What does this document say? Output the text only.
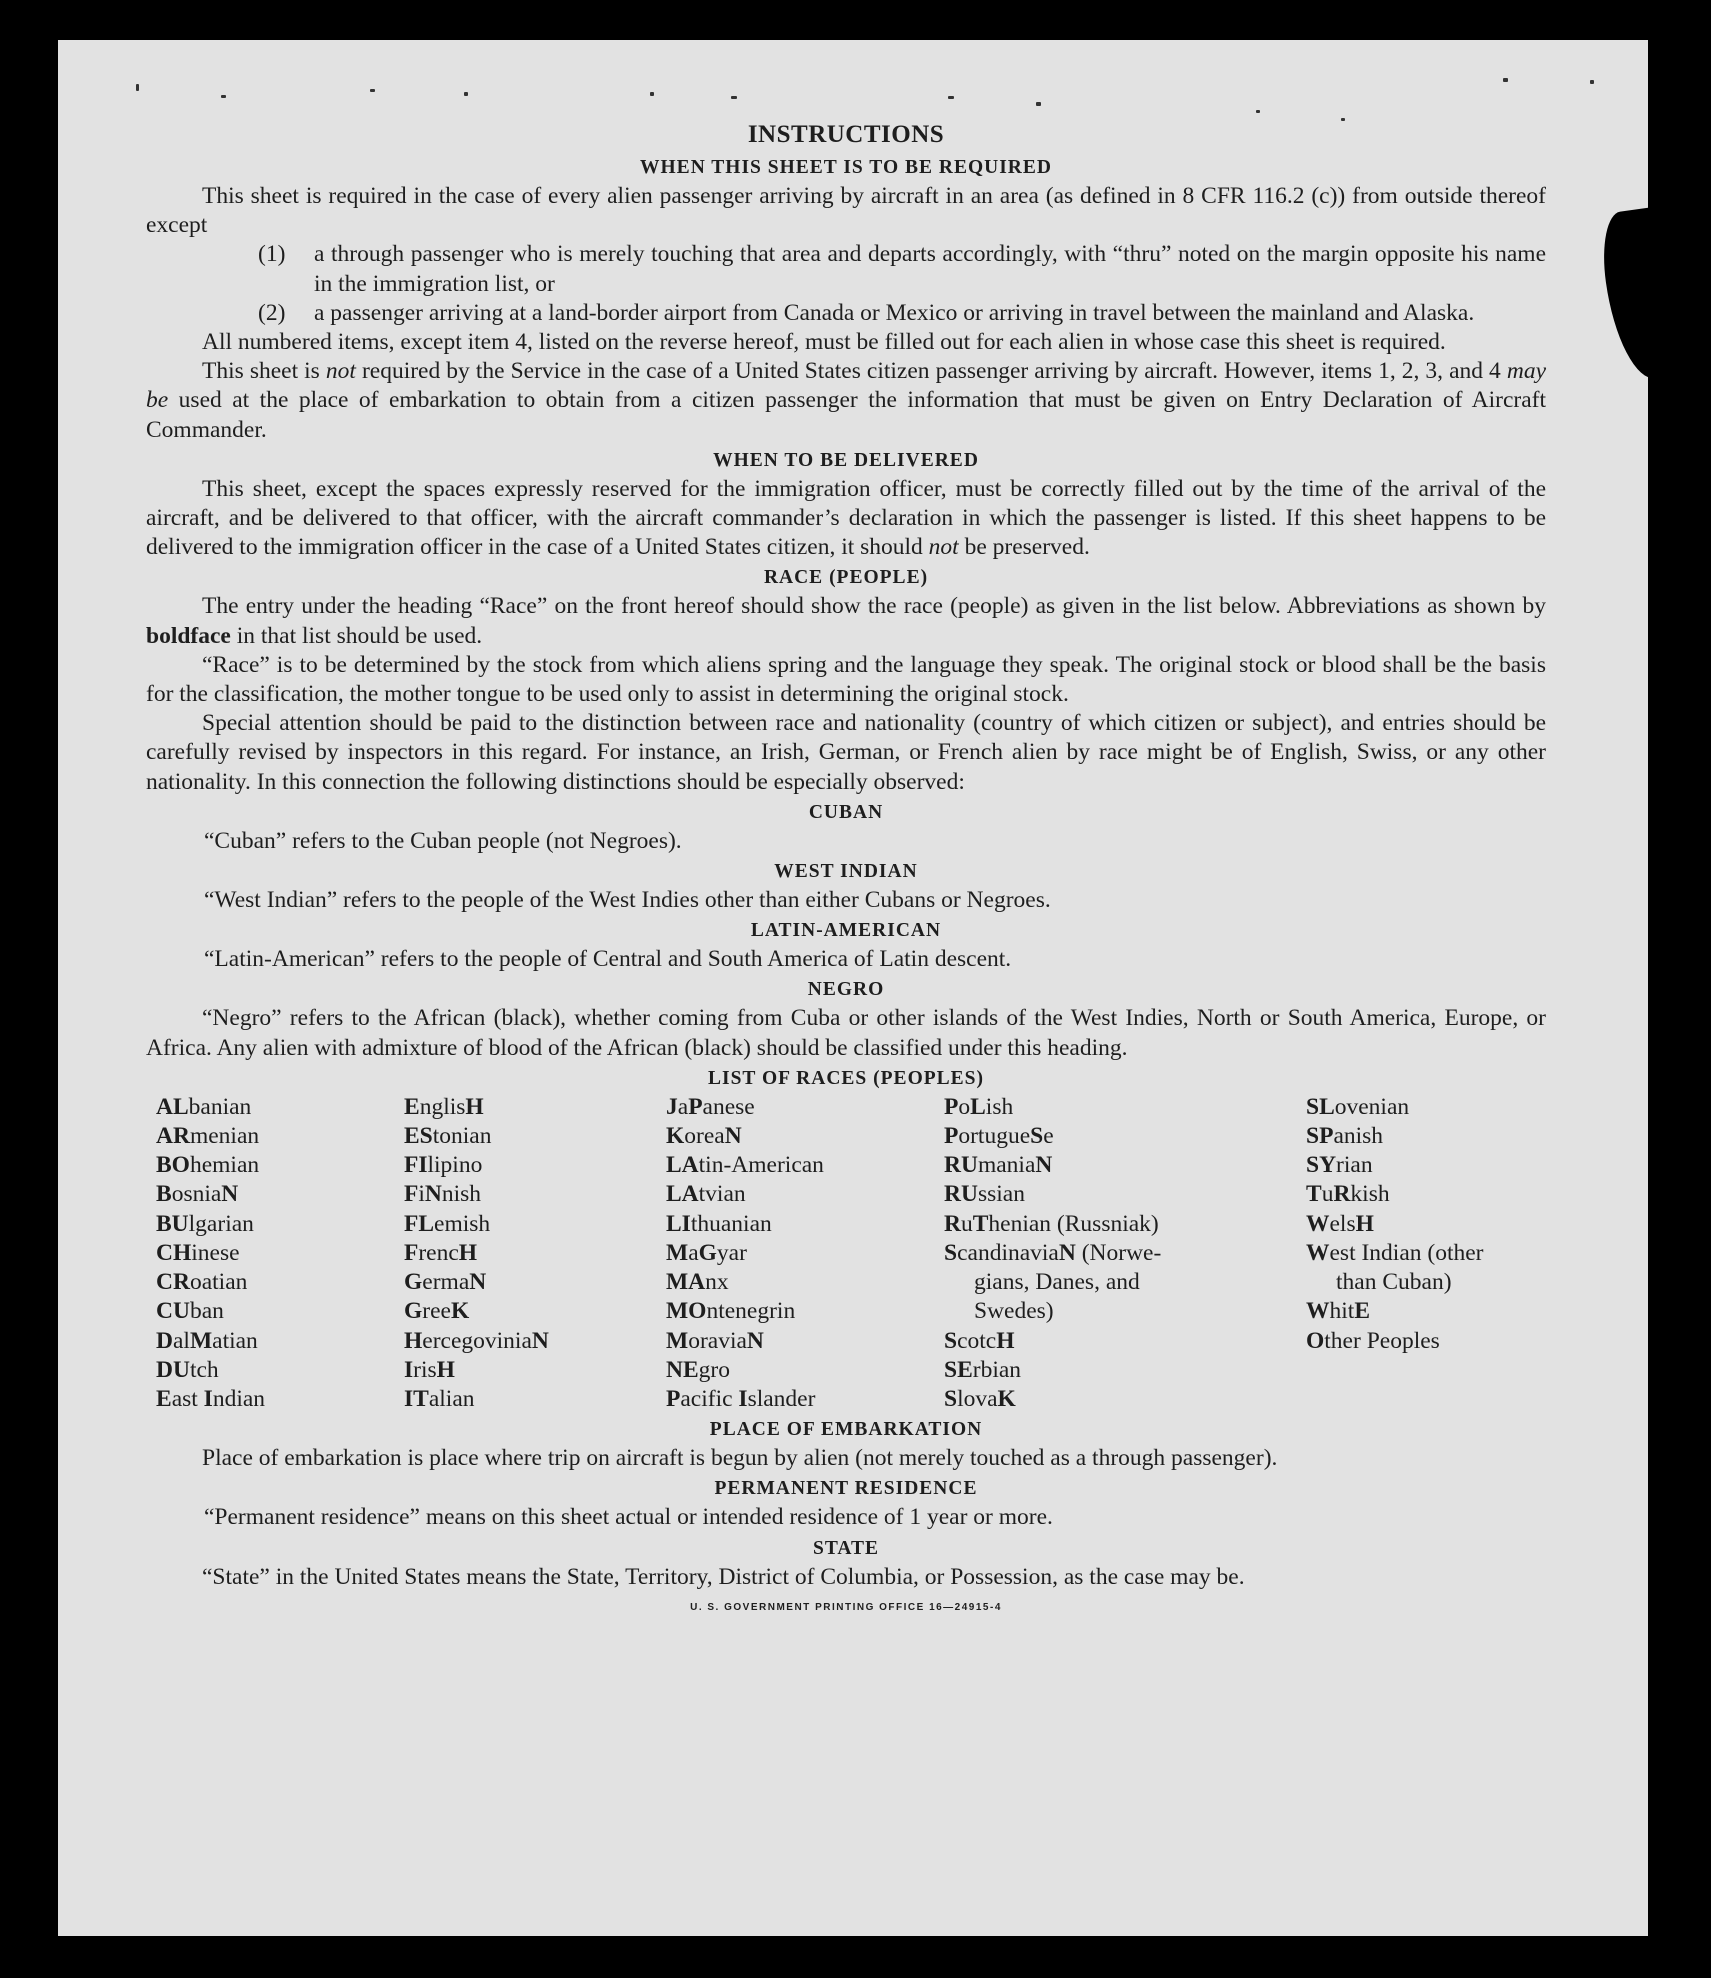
INSTRUCTIONS
WHEN THIS SHEET IS TO BE REQUIRED

This sheet is required in the case of every alien passenger arriving by aircraft in an area (as defined in 8 CFR 116.2 (c)) from outside thereof except

(1)	a through passenger who is merely touching that area and departs accordingly, with “thru” noted on the margin opposite his name in the immigration list, or
(2)	a passenger arriving at a land-border airport from Canada or Mexico or arriving in travel between the mainland and Alaska.

All numbered items, except item 4, listed on the reverse hereof, must be filled out for each alien in whose case this sheet is required.

This sheet is not required by the Service in the case of a United States citizen passenger arriving by aircraft. However, items 1, 2, 3, and 4 may be used at the place of embarkation to obtain from a citizen passenger the information that must be given on Entry Declaration of Aircraft Commander.

WHEN TO BE DELIVERED

This sheet, except the spaces expressly reserved for the immigration officer, must be correctly filled out by the time of the arrival of the aircraft, and be delivered to that officer, with the aircraft commander’s declaration in which the passenger is listed. If this sheet happens to be delivered to the immigration officer in the case of a United States citizen, it should not be preserved.

RACE (PEOPLE)

The entry under the heading “Race” on the front hereof should show the race (people) as given in the list below. Abbreviations as shown by boldface in that list should be used.

“Race” is to be determined by the stock from which aliens spring and the language they speak. The original stock or blood shall be the basis for the classification, the mother tongue to be used only to assist in determining the original stock.

Special attention should be paid to the distinction between race and nationality (country of which citizen or subject), and entries should be carefully revised by inspectors in this regard. For instance, an Irish, German, or French alien by race might be of English, Swiss, or any other nationality. In this connection the following distinctions should be especially observed:

CUBAN

“Cuban” refers to the Cuban people (not Negroes).

WEST INDIAN

“West Indian” refers to the people of the West Indies other than either Cubans or Negroes.

LATIN-AMERICAN

“Latin-American” refers to the people of Central and South America of Latin descent.

NEGRO

“Negro” refers to the African (black), whether coming from Cuba or other islands of the West Indies, North or South America, Europe, or Africa. Any alien with admixture of blood of the African (black) should be classified under this heading.

LIST OF RACES (PEOPLES)
ALbanian
ARmenian
BOhemian
BosniaN
BUlgarian
CHinese
CRoatian
CUban
DalMatian
DUtch
East Indian
EnglisH
EStonian
FIlipino
FiNnish
FLemish
FrencH
GermaN
GreeK
HercegoviniaN
IrisH
ITalian
JaPanese
KoreaN
LAtin-American
LAtvian
LIthuanian
MaGyar
MAnx
MOntenegrin
MoraviaN
NEgro
Pacific Islander
PoLish
PortugueSe
RUmaniaN
RUssian
RuThenian (Russniak)
ScandinaviaN (Norwe-
gians, Danes, and
Swedes)
ScotcH
SErbian
SlovaK
SLovenian
SPanish
SYrian
TuRkish
WelsH
West Indian (other
than Cuban)
WhitE
Other Peoples
PLACE OF EMBARKATION

Place of embarkation is place where trip on aircraft is begun by alien (not merely touched as a through passenger).

PERMANENT RESIDENCE

“Permanent residence” means on this sheet actual or intended residence of 1 year or more.

STATE

“State” in the United States means the State, Territory, District of Columbia, or Possession, as the case may be.

U. S. GOVERNMENT PRINTING OFFICE 16—24915-4
